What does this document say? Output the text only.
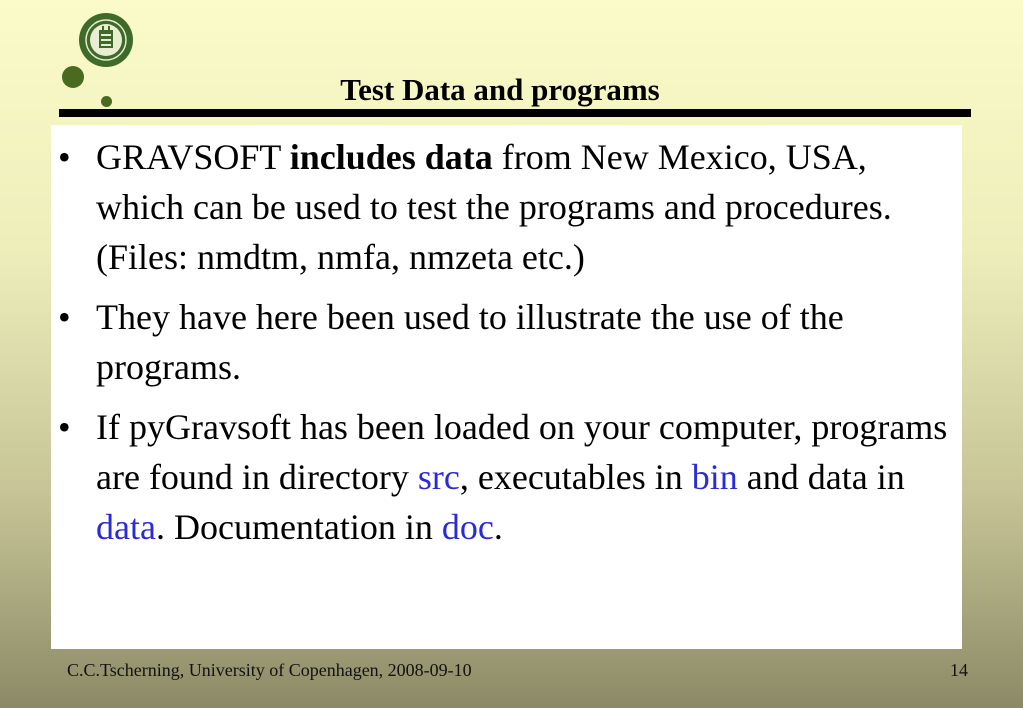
Test Data and programs
• GRAVSOFT includes data from New Mexico, USA, which can be used to test the programs and procedures. (Files: nmdtm, nmfa, nmzeta etc.)
• They have here been used to illustrate the use of the programs.
• If pyGravsoft has been loaded on your computer, programs are found in directory src, executables in bin and data in data. Documentation in doc.
C.C.Tscherning, University of Copenhagen, 2008-09-10	14
